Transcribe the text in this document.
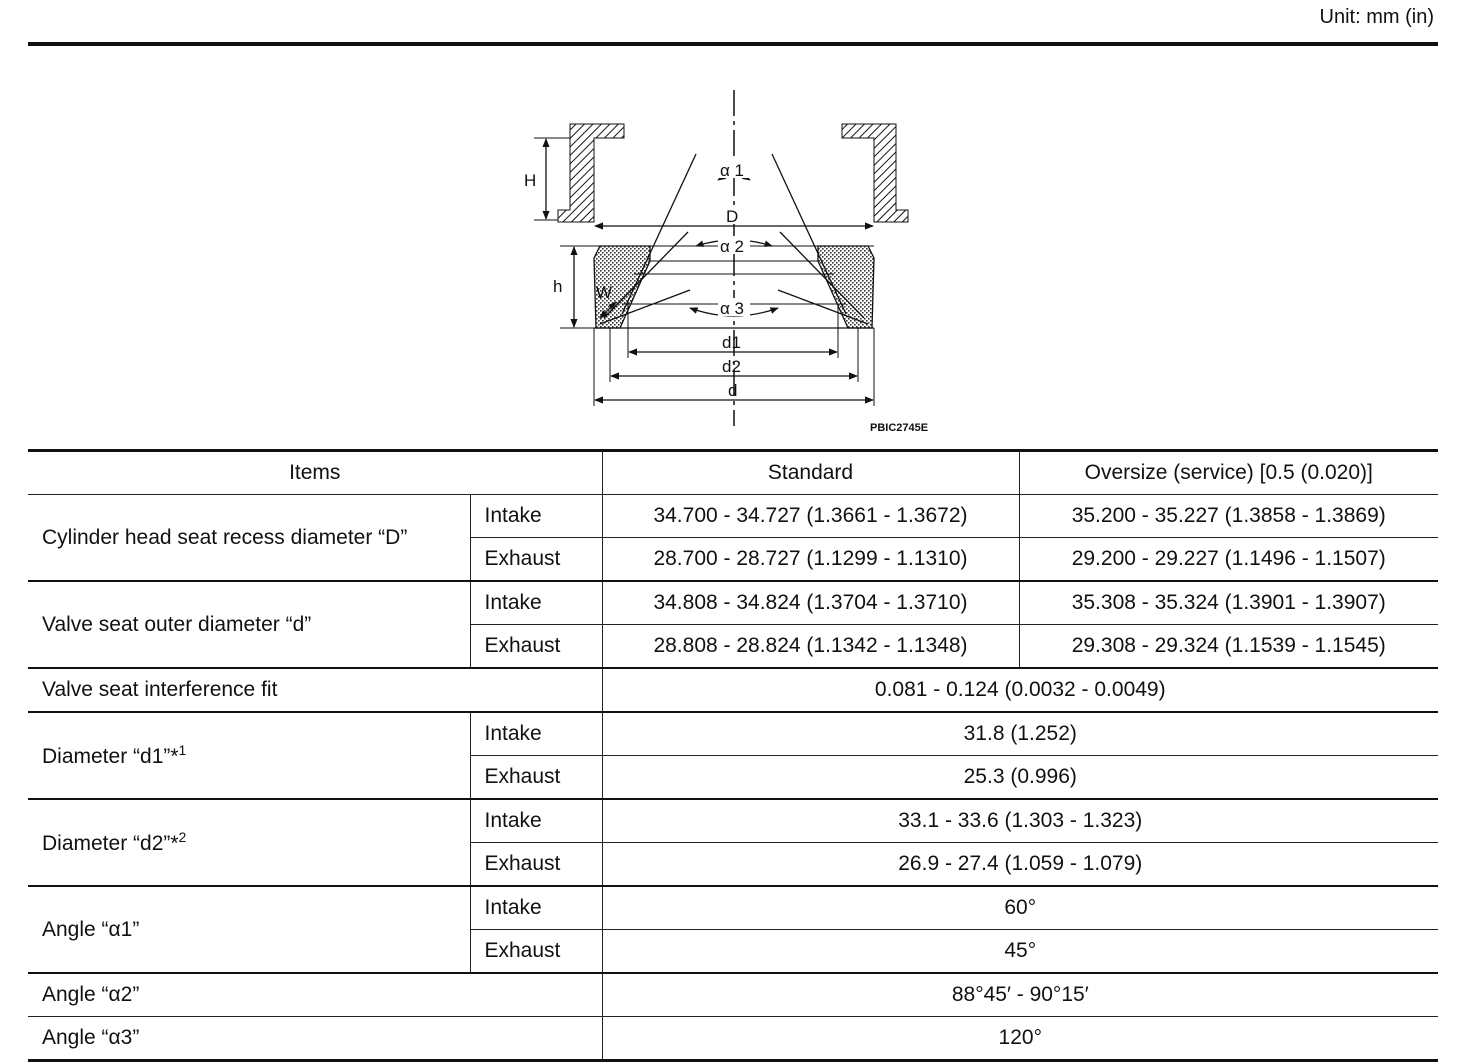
Unit: mm (in)
H
h W
D
α 1
α 2
α 3
d1
d2
d
PBIC2745E
Items		Standard	Oversize (service) [0.5 (0.020)]
Cylinder head seat recess diameter “D”	Intake	34.700 - 34.727 (1.3661 - 1.3672)	35.200 - 35.227 (1.3858 - 1.3869)
	Exhaust	28.700 - 28.727 (1.1299 - 1.1310)	29.200 - 29.227 (1.1496 - 1.1507)
Valve seat outer diameter “d”	Intake	34.808 - 34.824 (1.3704 - 1.3710)	35.308 - 35.324 (1.3901 - 1.3907)
	Exhaust	28.808 - 28.824 (1.1342 - 1.1348)	29.308 - 29.324 (1.1539 - 1.1545)
Valve seat interference fit		0.081 - 0.124 (0.0032 - 0.0049)	
Diameter “d1”*$^1$	Intake	31.8 (1.252)	
	Exhaust	25.3 (0.996)	
Diameter “d2”*$^2$	Intake	33.1 - 33.6 (1.303 - 1.323)	
	Exhaust	26.9 - 27.4 (1.059 - 1.079)	
Angle “α1”	Intake	60°	
	Exhaust	45°	
Angle “α2”		88°45′ - 90°15′	
Angle “α3”		120°	
